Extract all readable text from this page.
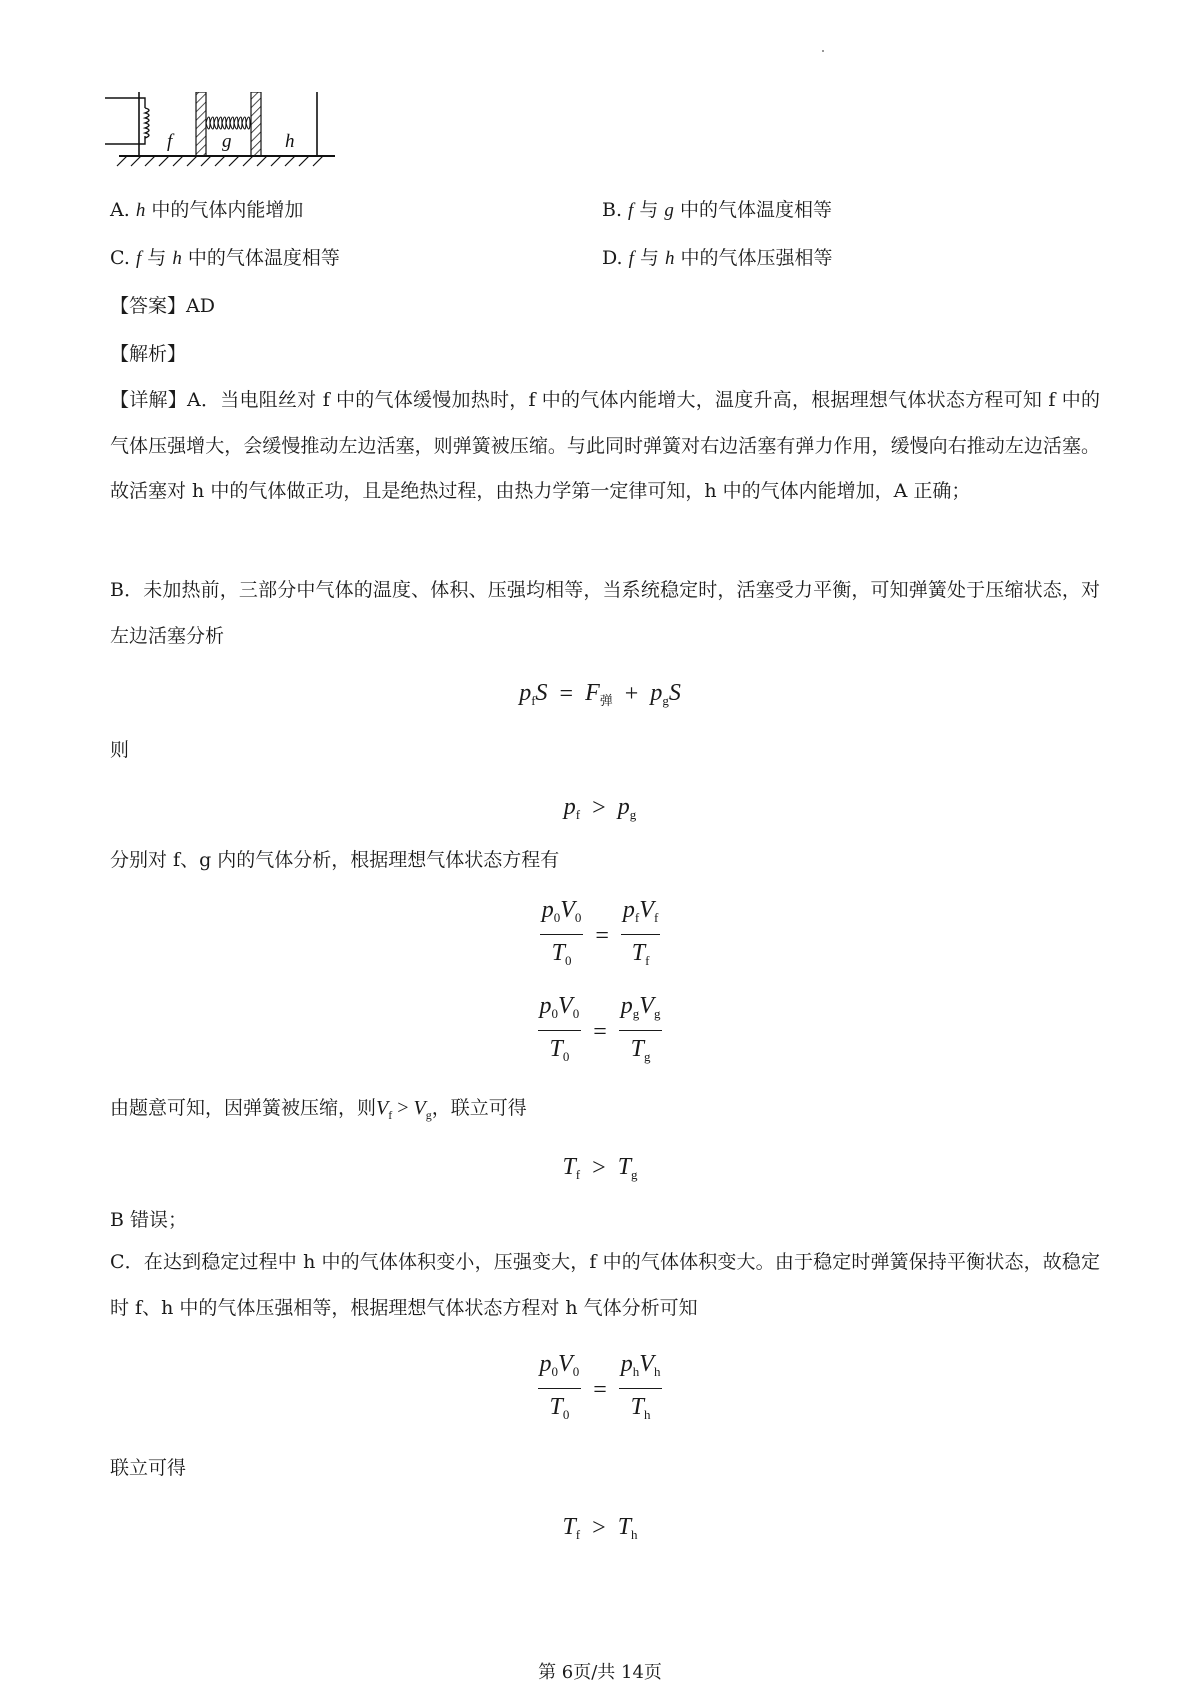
f	g	h
A. h 中的气体内能增加	B. f 与 g 中的气体温度相等
C. f 与 h 中的气体温度相等	D. f 与 h 中的气体压强相等
【答案】AD
【解析】
【详解】A．当电阻丝对 f 中的气体缓慢加热时，f 中的气体内能增大，温度升高，根据理想气体状态方程可知 f 中的气体压强增大，会缓慢推动左边活塞，则弹簧被压缩。与此同时弹簧对右边活塞有弹力作用，缓慢向右推动左边活塞。故活塞对 h 中的气体做正功，且是绝热过程，由热力学第一定律可知，h 中的气体内能增加，A 正确；
B．未加热前，三部分中气体的温度、体积、压强均相等，当系统稳定时，活塞受力平衡，可知弹簧处于压缩状态，对左边活塞分析
$p_fS = F_弹 + p_gS$
则
$p_f > p_g$
分别对 f、g 内的气体分析，根据理想气体状态方程有
$\frac{p_0V_0}{T_0} = \frac{p_fV_f}{T_f}$
$\frac{p_0V_0}{T_0} = \frac{p_gV_g}{T_g}$
由题意可知，因弹簧被压缩，则$V_f > V_g$，联立可得
$T_f > T_g$
B 错误；
C．在达到稳定过程中 h 中的气体体积变小，压强变大，f 中的气体体积变大。由于稳定时弹簧保持平衡状态，故稳定时 f、h 中的气体压强相等，根据理想气体状态方程对 h 气体分析可知
$\frac{p_0V_0}{T_0} = \frac{p_hV_h}{T_h}$
联立可得
$T_f > T_h$
第 6页/共 14页
